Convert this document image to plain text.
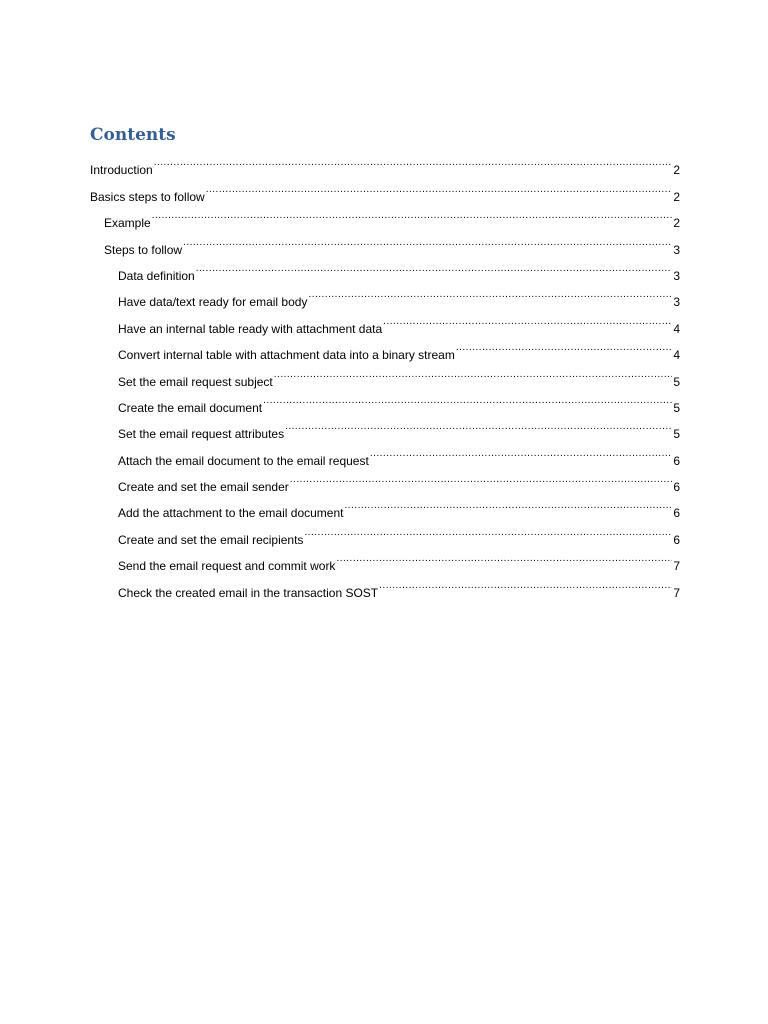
Contents
Introduction .....	2
Basics steps to follow .....	2
Example .....	2
Steps to follow .....	3
Data definition .....	3
Have data/text ready for email body .....	3
Have an internal table ready with attachment data .....	4
Convert internal table with attachment data into a binary stream .....	4
Set the email request subject .....	5
Create the email document .....	5
Set the email request attributes .....	5
Attach the email document to the email request .....	6
Create and set the email sender .....	6
Add the attachment to the email document .....	6
Create and set the email recipients .....	6
Send the email request and commit work .....	7
Check the created email in the transaction SOST .....	7
